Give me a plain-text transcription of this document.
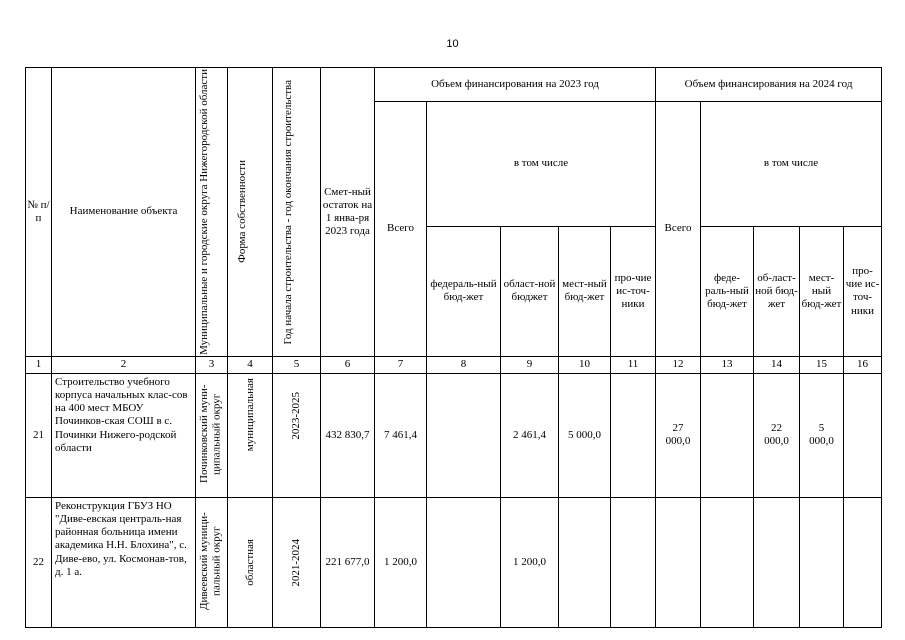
10
№ п/п	Наименование объекта	Муниципальные и городские округа Нижегородской области	Форма собственности	Год начала строительства - год окончания строительства	Смет-ный остаток на 1 янва-ря 2023 года	Объем финансирования на 2023 год					Объем финансирования на 2024 год				
						Всего	в том числе				Всего	в том числе			
							федераль-ный бюд-жет	област-ной бюджет	мест-ный бюд-жет	про-чие ис-точ-ники		феде-раль-ный бюд-жет	об-ласт-ной бюд-жет	мест-ный бюд-жет	про-чие ис-точ-ники
1	2	3	4	5	6	7	8	9	10	11	12	13	14	15	16
21	Строительство учебного корпуса начальных клас-сов на 400 мест МБОУ Починков-ская СОШ в с. Починки Нижего-родской области	Починковский муни-ципальный округ	муниципальная	2023-2025	432 830,7	7 461,4		2 461,4	5 000,0		27 000,0		22 000,0	5 000,0	
22	Реконструкция ГБУЗ НО "Диве-евская централь-ная районная больница имени академика Н.Н. Блохина", с. Диве-ево, ул. Космонав-тов, д. 1 а.	Дивеевский муници-пальный округ	областная	2021-2024	221 677,0	1 200,0		1 200,0							
